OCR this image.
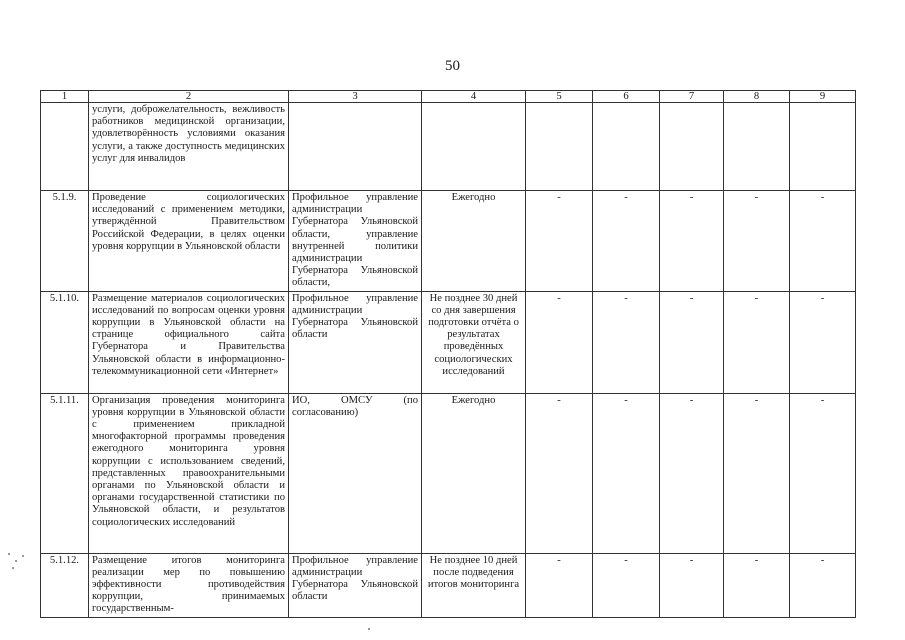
50
1	2	3	4	5	6	7	8	9
	услуги, доброжелательность, вежливость работников медицинской организации, удовлетворённость условиями оказания услуги, а также доступность медицинских услуг для инвалидов							
5.1.9.	Проведение социологических исследований с применением методики, утверждённой Правительством Российской Федерации, в целях оценки уровня коррупции в Ульяновской области	Профильное управление администрации Губернатора Ульяновской области, управление внутренней политики администрации Губернатора Ульяновской области,	Ежегодно	-	-	-	-	-
5.1.10.	Размещение материалов социологических исследований по вопросам оценки уровня коррупции в Ульяновской области на странице официального сайта Губернатора и Правительства Ульяновской области в информационно-телекоммуникационной сети «Интернет»	Профильное управление администрации Губернатора Ульяновской области	Не позднее 30 дней со дня завершения подготовки отчёта о результатах проведённых социологических исследований	-	-	-	-	-
5.1.11.	Организация проведения мониторинга уровня коррупции в Ульяновской области с применением прикладной многофакторной программы проведения ежегодного мониторинга уровня коррупции с использованием сведений, представленных правоохранительными органами по Ульяновской области и органами государственной статистики по Ульяновской области, и результатов социологических исследований	ИО, ОМСУ (по согласованию)	Ежегодно	-	-	-	-	-
5.1.12.	Размещение итогов мониторинга реализации мер по повышению эффективности противодействия коррупции, принимаемых государственным-	Профильное управление администрации Губернатора Ульяновской области	Не позднее 10 дней после подведения итогов мониторинга	-	-	-	-	-
